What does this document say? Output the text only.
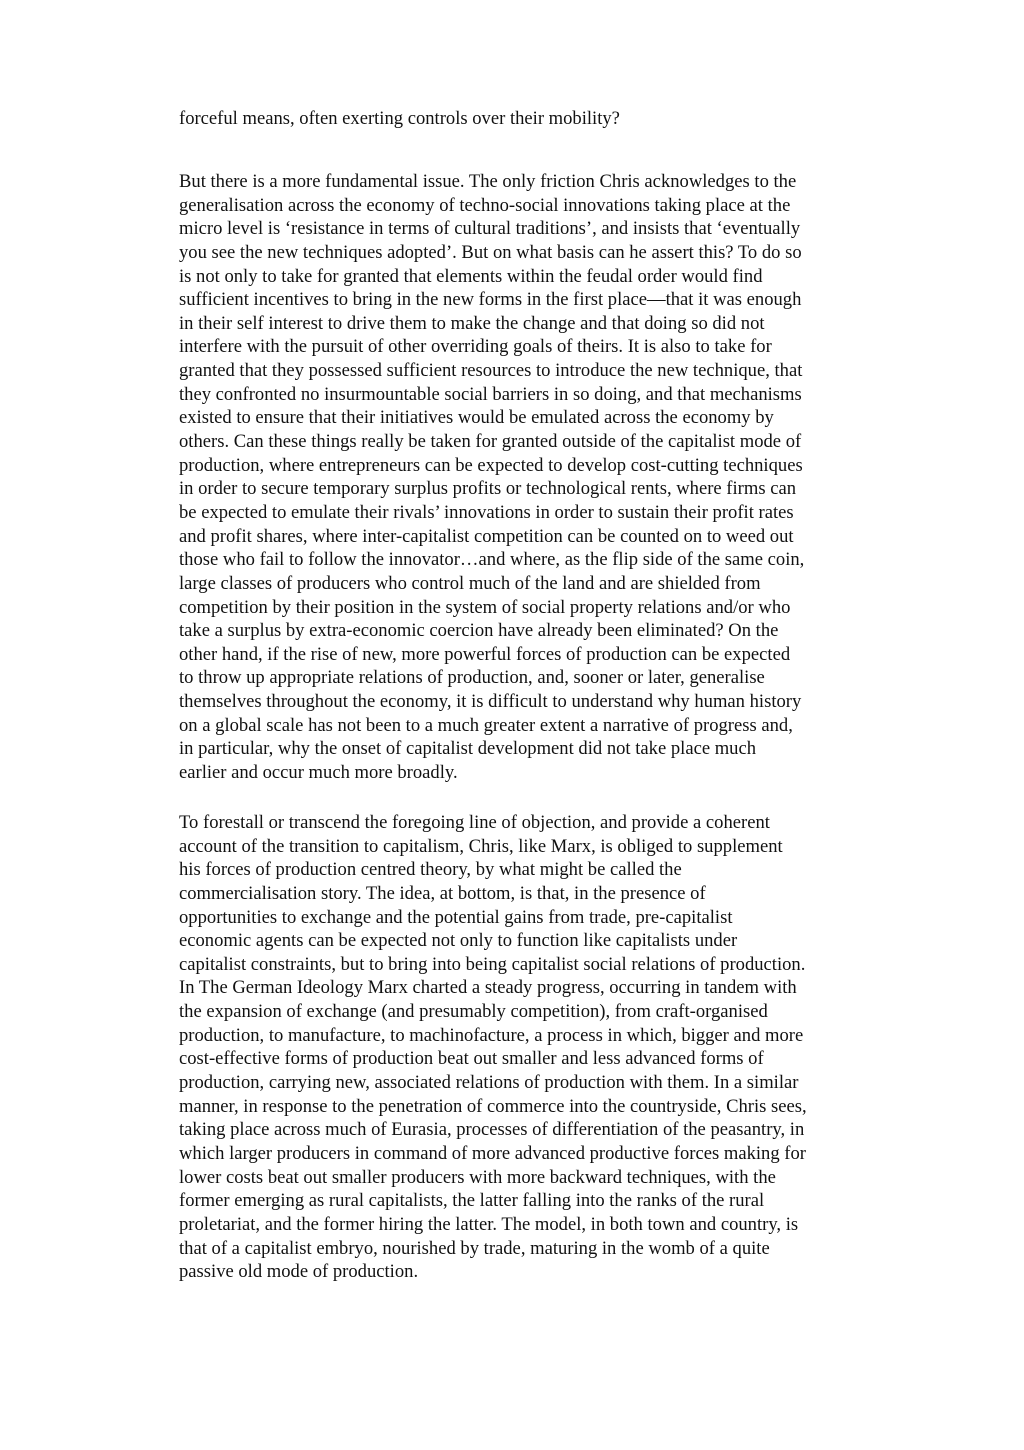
forceful means, often exerting controls over their mobility?
But there is a more fundamental issue. The only friction Chris acknowledges to the
generalisation across the economy of techno-social innovations taking place at the
micro level is ‘resistance in terms of cultural traditions’, and insists that ‘eventually
you see the new techniques adopted’. But on what basis can he assert this? To do so
is not only to take for granted that elements within the feudal order would find
sufficient incentives to bring in the new forms in the first place—that it was enough
in their self interest to drive them to make the change and that doing so did not
interfere with the pursuit of other overriding goals of theirs. It is also to take for
granted that they possessed sufficient resources to introduce the new technique, that
they confronted no insurmountable social barriers in so doing, and that mechanisms
existed to ensure that their initiatives would be emulated across the economy by
others. Can these things really be taken for granted outside of the capitalist mode of
production, where entrepreneurs can be expected to develop cost-cutting techniques
in order to secure temporary surplus profits or technological rents, where firms can
be expected to emulate their rivals’ innovations in order to sustain their profit rates
and profit shares, where inter-capitalist competition can be counted on to weed out
those who fail to follow the innovator…and where, as the flip side of the same coin,
large classes of producers who control much of the land and are shielded from
competition by their position in the system of social property relations and/or who
take a surplus by extra-economic coercion have already been eliminated? On the
other hand, if the rise of new, more powerful forces of production can be expected
to throw up appropriate relations of production, and, sooner or later, generalise
themselves throughout the economy, it is difficult to understand why human history
on a global scale has not been to a much greater extent a narrative of progress and,
in particular, why the onset of capitalist development did not take place much
earlier and occur much more broadly.
To forestall or transcend the foregoing line of objection, and provide a coherent
account of the transition to capitalism, Chris, like Marx, is obliged to supplement
his forces of production centred theory, by what might be called the
commercialisation story. The idea, at bottom, is that, in the presence of
opportunities to exchange and the potential gains from trade, pre-capitalist
economic agents can be expected not only to function like capitalists under
capitalist constraints, but to bring into being capitalist social relations of production.
In The German Ideology Marx charted a steady progress, occurring in tandem with
the expansion of exchange (and presumably competition), from craft-organised
production, to manufacture, to machinofacture, a process in which, bigger and more
cost-effective forms of production beat out smaller and less advanced forms of
production, carrying new, associated relations of production with them. In a similar
manner, in response to the penetration of commerce into the countryside, Chris sees,
taking place across much of Eurasia, processes of differentiation of the peasantry, in
which larger producers in command of more advanced productive forces making for
lower costs beat out smaller producers with more backward techniques, with the
former emerging as rural capitalists, the latter falling into the ranks of the rural
proletariat, and the former hiring the latter. The model, in both town and country, is
that of a capitalist embryo, nourished by trade, maturing in the womb of a quite
passive old mode of production.
